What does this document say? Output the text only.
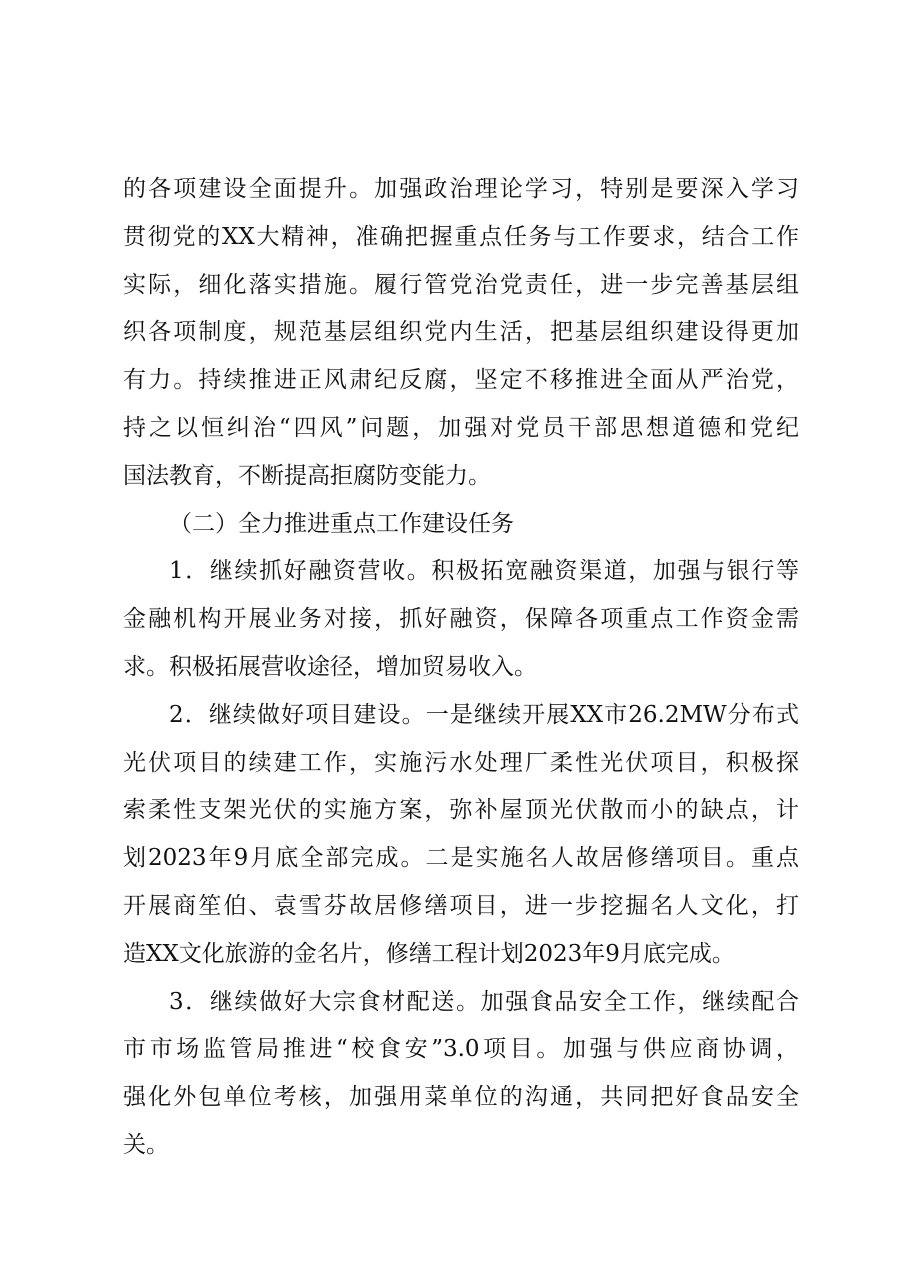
的各项建设全面提升。加强政治理论学习，特别是要深入学习
贯彻党的XX大精神，准确把握重点任务与工作要求，结合工作
实际，细化落实措施。履行管党治党责任，进一步完善基层组
织各项制度，规范基层组织党内生活，把基层组织建设得更加
有力。持续推进正风肃纪反腐，坚定不移推进全面从严治党，
持之以恒纠治“四风”问题，加强对党员干部思想道德和党纪
国法教育，不断提高拒腐防变能力。
（二）全力推进重点工作建设任务
1．继续抓好融资营收。积极拓宽融资渠道，加强与银行等
金融机构开展业务对接，抓好融资，保障各项重点工作资金需
求。积极拓展营收途径，增加贸易收入。
2．继续做好项目建设。一是继续开展XX市26.2MW分布式
光伏项目的续建工作，实施污水处理厂柔性光伏项目，积极探
索柔性支架光伏的实施方案，弥补屋顶光伏散而小的缺点，计
划2023年9月底全部完成。二是实施名人故居修缮项目。重点
开展商笙伯、袁雪芬故居修缮项目，进一步挖掘名人文化，打
造XX文化旅游的金名片，修缮工程计划2023年9月底完成。
3．继续做好大宗食材配送。加强食品安全工作，继续配合
市市场监管局推进“校食安”3.0项目。加强与供应商协调，
强化外包单位考核，加强用菜单位的沟通，共同把好食品安全
关。
